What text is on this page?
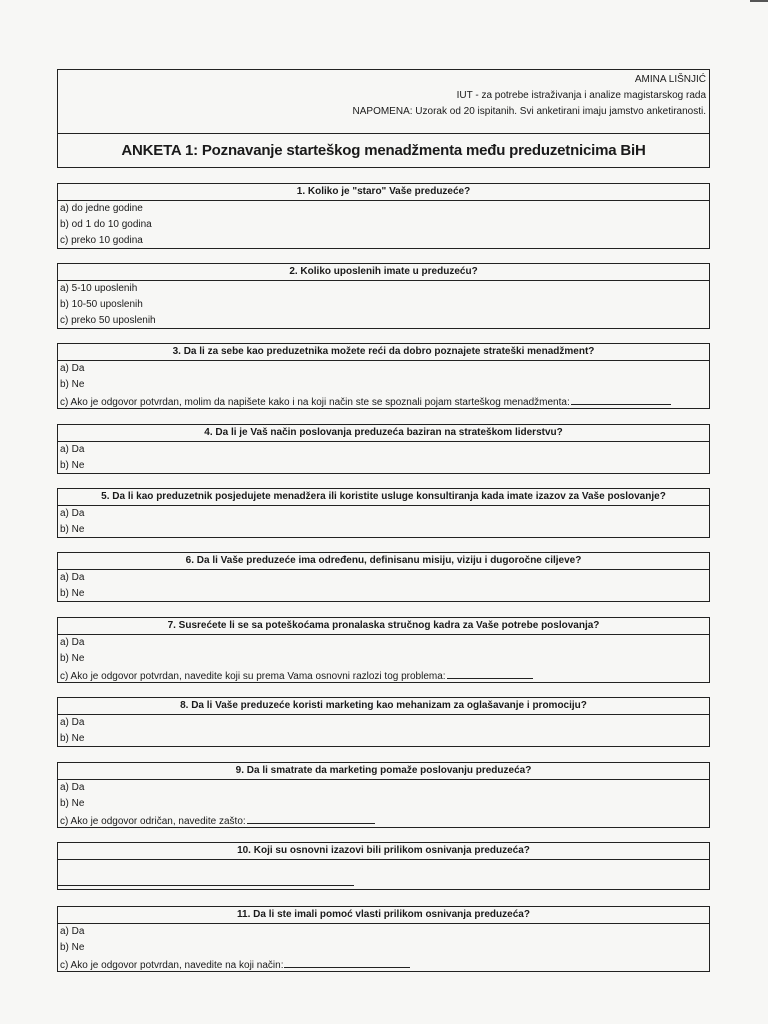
AMINA LIŠNJIĆ
IUT - za potrebe istraživanja i analize magistarskog rada
NAPOMENA: Uzorak od 20 ispitanih. Svi anketirani imaju jamstvo anketiranosti.
ANKETA 1: Poznavanje starteškog menadžmenta među preduzetnicima BiH
1. Koliko je "staro" Vaše preduzeće?
a) do jedne godine
b) od 1 do 10 godina
c) preko 10 godina
2. Koliko uposlenih imate u preduzeću?
a) 5-10 uposlenih
b) 10-50 uposlenih
c) preko 50 uposlenih
3. Da li za sebe kao preduzetnika možete reći da dobro poznajete strateški menadžment?
a) Da
b) Ne
c) Ako je odgovor potvrdan, molim da napišete kako i na koji način ste se spoznali pojam starteškog menadžmenta:
4. Da li je Vaš način poslovanja preduzeća baziran na strateškom liderstvu?
a) Da
b) Ne
5. Da li kao preduzetnik posjedujete menadžera ili koristite usluge konsultiranja kada imate izazov za Vaše poslovanje?
a) Da
b) Ne
6. Da li Vaše preduzeće ima određenu, definisanu misiju, viziju i dugoročne ciljeve?
a) Da
b) Ne
7. Susrećete li se sa poteškoćama pronalaska stručnog kadra za Vaše potrebe poslovanja?
a) Da
b) Ne
c) Ako je odgovor potvrdan, navedite koji su prema Vama osnovni razlozi tog problema:
8. Da li Vaše preduzeće koristi marketing kao mehanizam za oglašavanje i promociju?
a) Da
b) Ne
9. Da li smatrate da marketing pomaže poslovanju preduzeća?
a) Da
b) Ne
c) Ako je odgovor odričan, navedite zašto:
10. Koji su osnovni izazovi bili prilikom osnivanja preduzeća?
11. Da li ste imali pomoć vlasti prilikom osnivanja preduzeća?
a) Da
b) Ne
c) Ako je odgovor potvrdan, navedite na koji način:
